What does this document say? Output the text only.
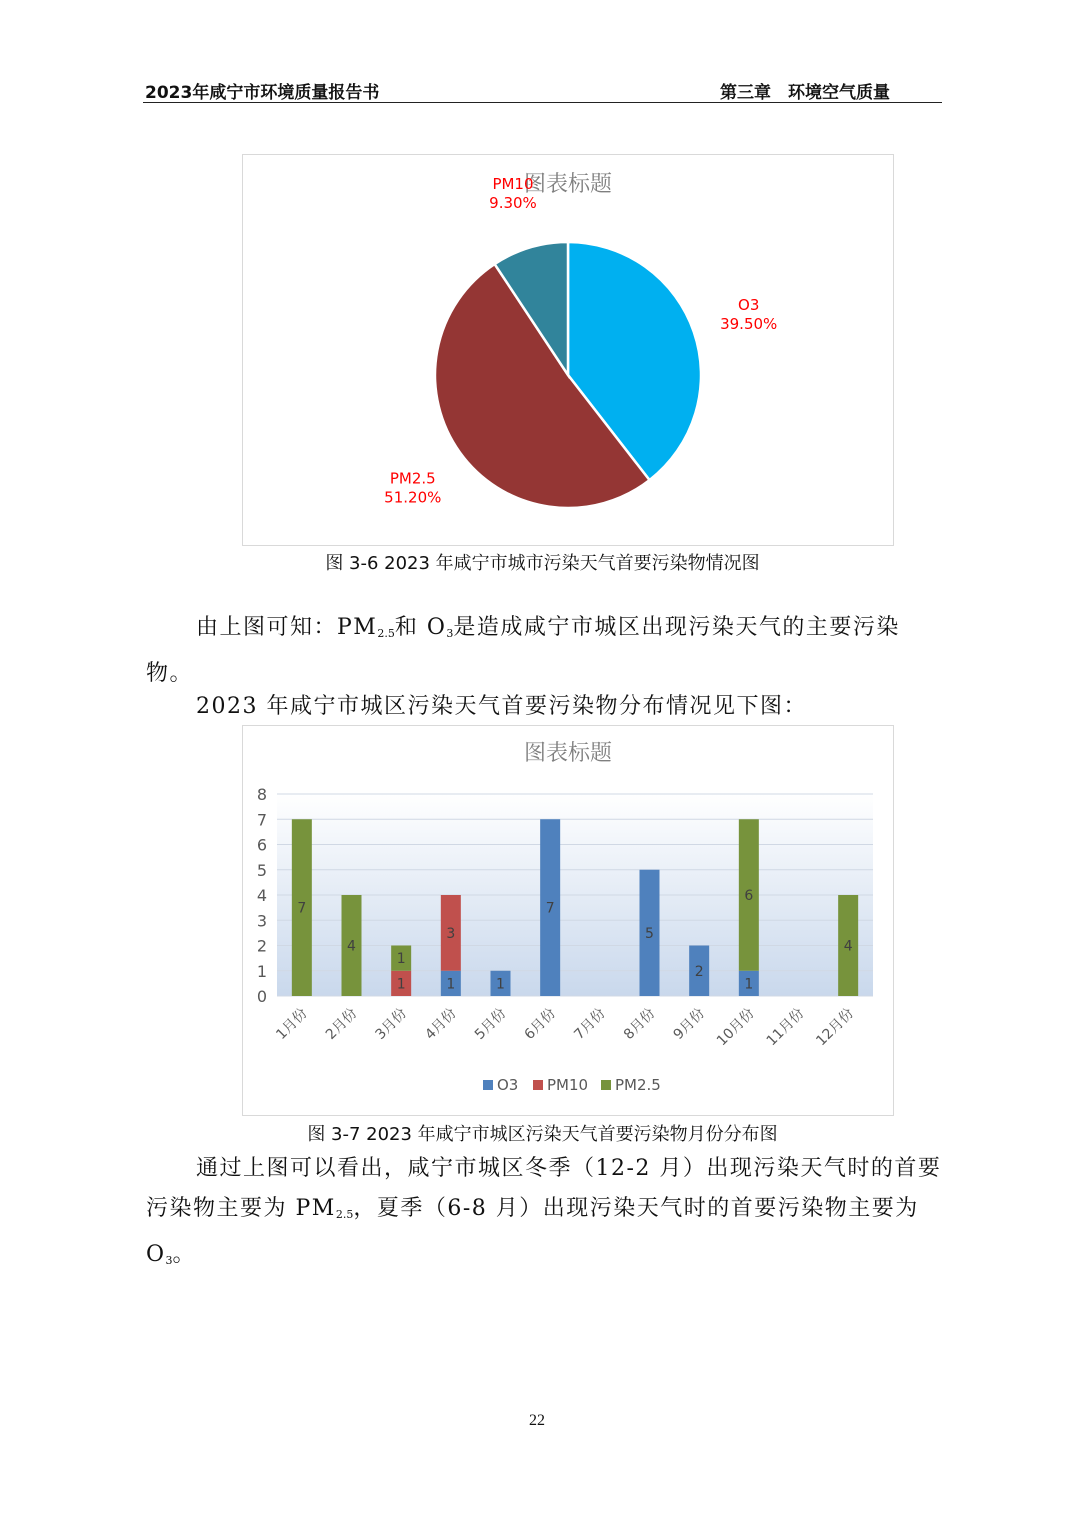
2023年咸宁市环境质量报告书	第三章　环境空气质量
图表标题
O3
39.50%
PM2.5
51.20%
PM10
9.30%
图 3-6 2023 年咸宁市城市污染天气首要污染物情况图

由上图可知：$PM_{2.5}$和 $O_3$是造成咸宁市城区出现污染天气的主要污染物。

2023 年咸宁市城区污染天气首要污染物分布情况见下图：

图表标题
0
1
2
3
4
5
6
7
8
7
1月份
4
2月份
1
1
3月份
1
3
4月份
1
5月份
7
6月份 7月份
5
8月份
2
9月份
1
6
10月份 11月份
4
12月份
O3 PM10 PM2.5
图 3-7 2023 年咸宁市城区污染天气首要污染物月份分布图

通过上图可以看出，咸宁市城区冬季（12-2 月）出现污染天气时的首要污染物主要为 $PM_{2.5}$，夏季（6-8 月）出现污染天气时的首要污染物主要为 $O_3$。

22
